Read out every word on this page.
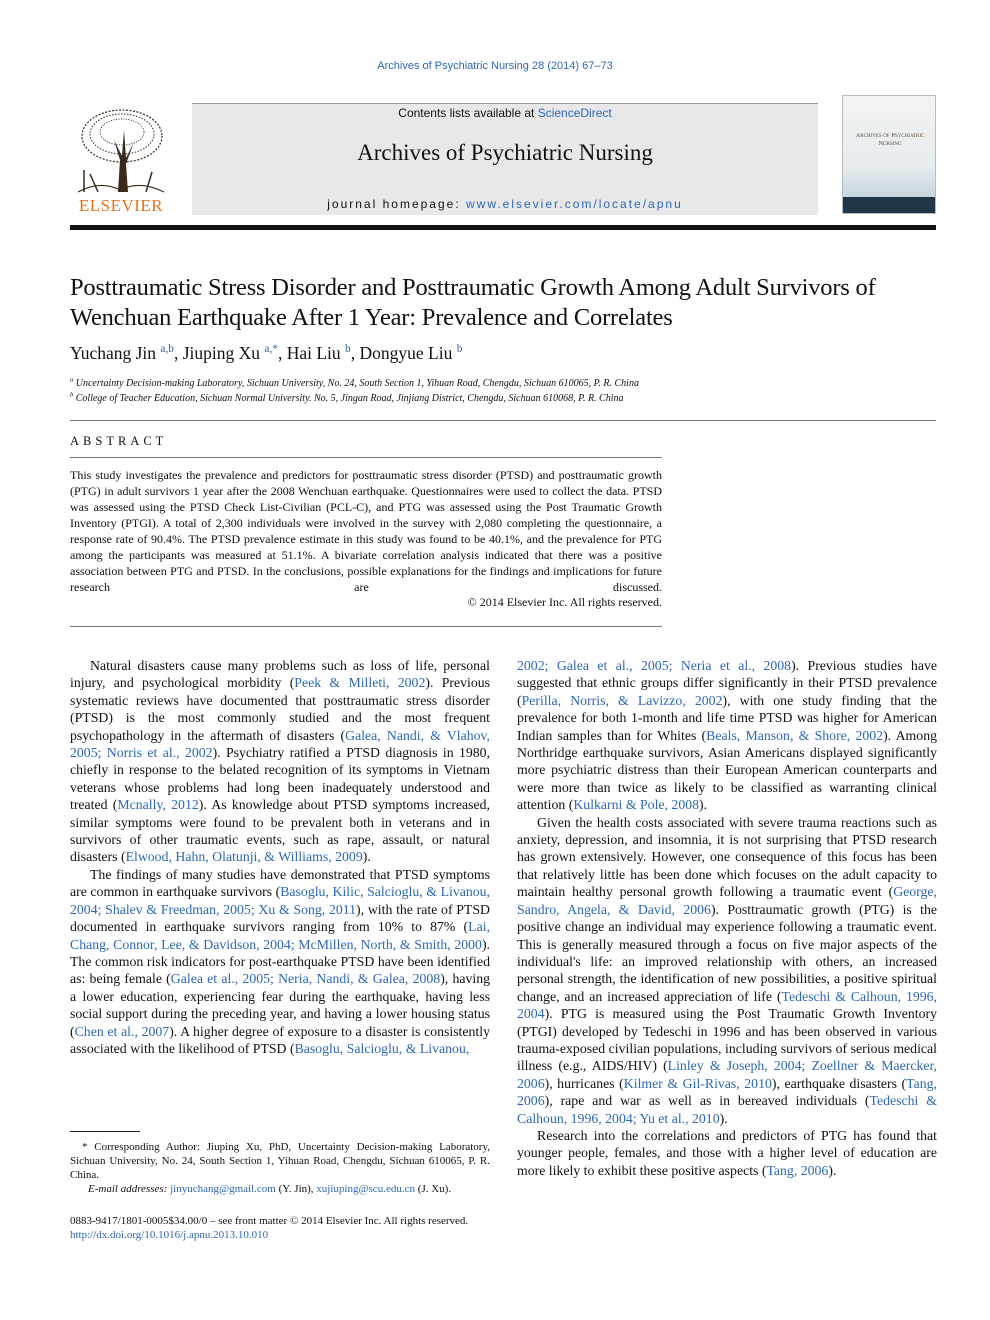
Archives of Psychiatric Nursing 28 (2014) 67–73
ELSEVIER
Contents lists available at ScienceDirect
Archives of Psychiatric Nursing
journal homepage: www.elsevier.com/locate/apnu
Archives of Psychiatric Nursing
Posttraumatic Stress Disorder and Posttraumatic Growth Among Adult Survivors of Wenchuan Earthquake After 1 Year: Prevalence and Correlates
Yuchang Jin $^{a,b}$, Jiuping Xu $^{a,*}$, Hai Liu $^b$, Dongyue Liu $^b$
$^a$ Uncertainty Decision-making Laboratory, Sichuan University, No. 24, South Section 1, Yihuan Road, Chengdu, Sichuan 610065, P. R. China
$^b$ College of Teacher Education, Sichuan Normal University. No. 5, Jingan Road, Jinjiang District, Chengdu, Sichuan 610068, P. R. China
ABSTRACT
This study investigates the prevalence and predictors for posttraumatic stress disorder (PTSD) and posttraumatic growth (PTG) in adult survivors 1 year after the 2008 Wenchuan earthquake. Questionnaires were used to collect the data. PTSD was assessed using the PTSD Check List-Civilian (PCL-C), and PTG was assessed using the Post Traumatic Growth Inventory (PTGI). A total of 2,300 individuals were involved in the survey with 2,080 completing the questionnaire, a response rate of 90.4%. The PTSD prevalence estimate in this study was found to be 40.1%, and the prevalence for PTG among the participants was measured at 51.1%. A bivariate correlation analysis indicated that there was a positive association between PTG and PTSD. In the conclusions, possible explanations for the findings and implications for future research are discussed.
© 2014 Elsevier Inc. All rights reserved.

Natural disasters cause many problems such as loss of life, personal injury, and psychological morbidity (Peek & Milleti, 2002). Previous systematic reviews have documented that posttraumatic stress disorder (PTSD) is the most commonly studied and the most frequent psychopathology in the aftermath of disasters (Galea, Nandi, & Vlahov, 2005; Norris et al., 2002). Psychiatry ratified a PTSD diagnosis in 1980, chiefly in response to the belated recognition of its symptoms in Vietnam veterans whose problems had long been inadequately understood and treated (Mcnally, 2012). As knowledge about PTSD symptoms increased, similar symptoms were found to be prevalent both in veterans and in survivors of other traumatic events, such as rape, assault, or natural disasters (Elwood, Hahn, Olatunji, & Williams, 2009).

The findings of many studies have demonstrated that PTSD symptoms are common in earthquake survivors (Basoglu, Kilic, Salcioglu, & Livanou, 2004; Shalev & Freedman, 2005; Xu & Song, 2011), with the rate of PTSD documented in earthquake survivors ranging from 10% to 87% (Lai, Chang, Connor, Lee, & Davidson, 2004; McMillen, North, & Smith, 2000). The common risk indicators for post-earthquake PTSD have been identified as: being female (Galea et al., 2005; Neria, Nandi, & Galea, 2008), having a lower education, experiencing fear during the earthquake, having less social support during the preceding year, and having a lower housing status (Chen et al., 2007). A higher degree of exposure to a disaster is consistently associated with the likelihood of PTSD (Basoglu, Salcioglu, & Livanou,

2002; Galea et al., 2005; Neria et al., 2008). Previous studies have suggested that ethnic groups differ significantly in their PTSD prevalence (Perilla, Norris, & Lavizzo, 2002), with one study finding that the prevalence for both 1-month and life time PTSD was higher for American Indian samples than for Whites (Beals, Manson, & Shore, 2002). Among Northridge earthquake survivors, Asian Americans displayed significantly more psychiatric distress than their European American counterparts and were more than twice as likely to be classified as warranting clinical attention (Kulkarni & Pole, 2008).

Given the health costs associated with severe trauma reactions such as anxiety, depression, and insomnia, it is not surprising that PTSD research has grown extensively. However, one consequence of this focus has been that relatively little has been done which focuses on the adult capacity to maintain healthy personal growth following a traumatic event (George, Sandro, Angela, & David, 2006). Posttraumatic growth (PTG) is the positive change an individual may experience following a traumatic event. This is generally measured through a focus on five major aspects of the individual's life: an improved relationship with others, an increased personal strength, the identification of new possibilities, a positive spiritual change, and an increased appreciation of life (Tedeschi & Calhoun, 1996, 2004). PTG is measured using the Post Traumatic Growth Inventory (PTGI) developed by Tedeschi in 1996 and has been observed in various trauma-exposed civilian populations, including survivors of serious medical illness (e.g., AIDS/HIV) (Linley & Joseph, 2004; Zoellner & Maercker, 2006), hurricanes (Kilmer & Gil-Rivas, 2010), earthquake disasters (Tang, 2006), rape and war as well as in bereaved individuals (Tedeschi & Calhoun, 1996, 2004; Yu et al., 2010).

Research into the correlations and predictors of PTG has found that younger people, females, and those with a higher level of education are more likely to exhibit these positive aspects (Tang, 2006).

* Corresponding Author: Jiuping Xu, PhD, Uncertainty Decision-making Laboratory, Sichuan University, No. 24, South Section 1, Yihuan Road, Chengdu, Sichuan 610065, P. R. China.
E-mail addresses: jinyuchang@gmail.com (Y. Jin), xujiuping@scu.edu.cn (J. Xu).
0883-9417/1801-0005$34.00/0 – see front matter © 2014 Elsevier Inc. All rights reserved.
http://dx.doi.org/10.1016/j.apnu.2013.10.010
